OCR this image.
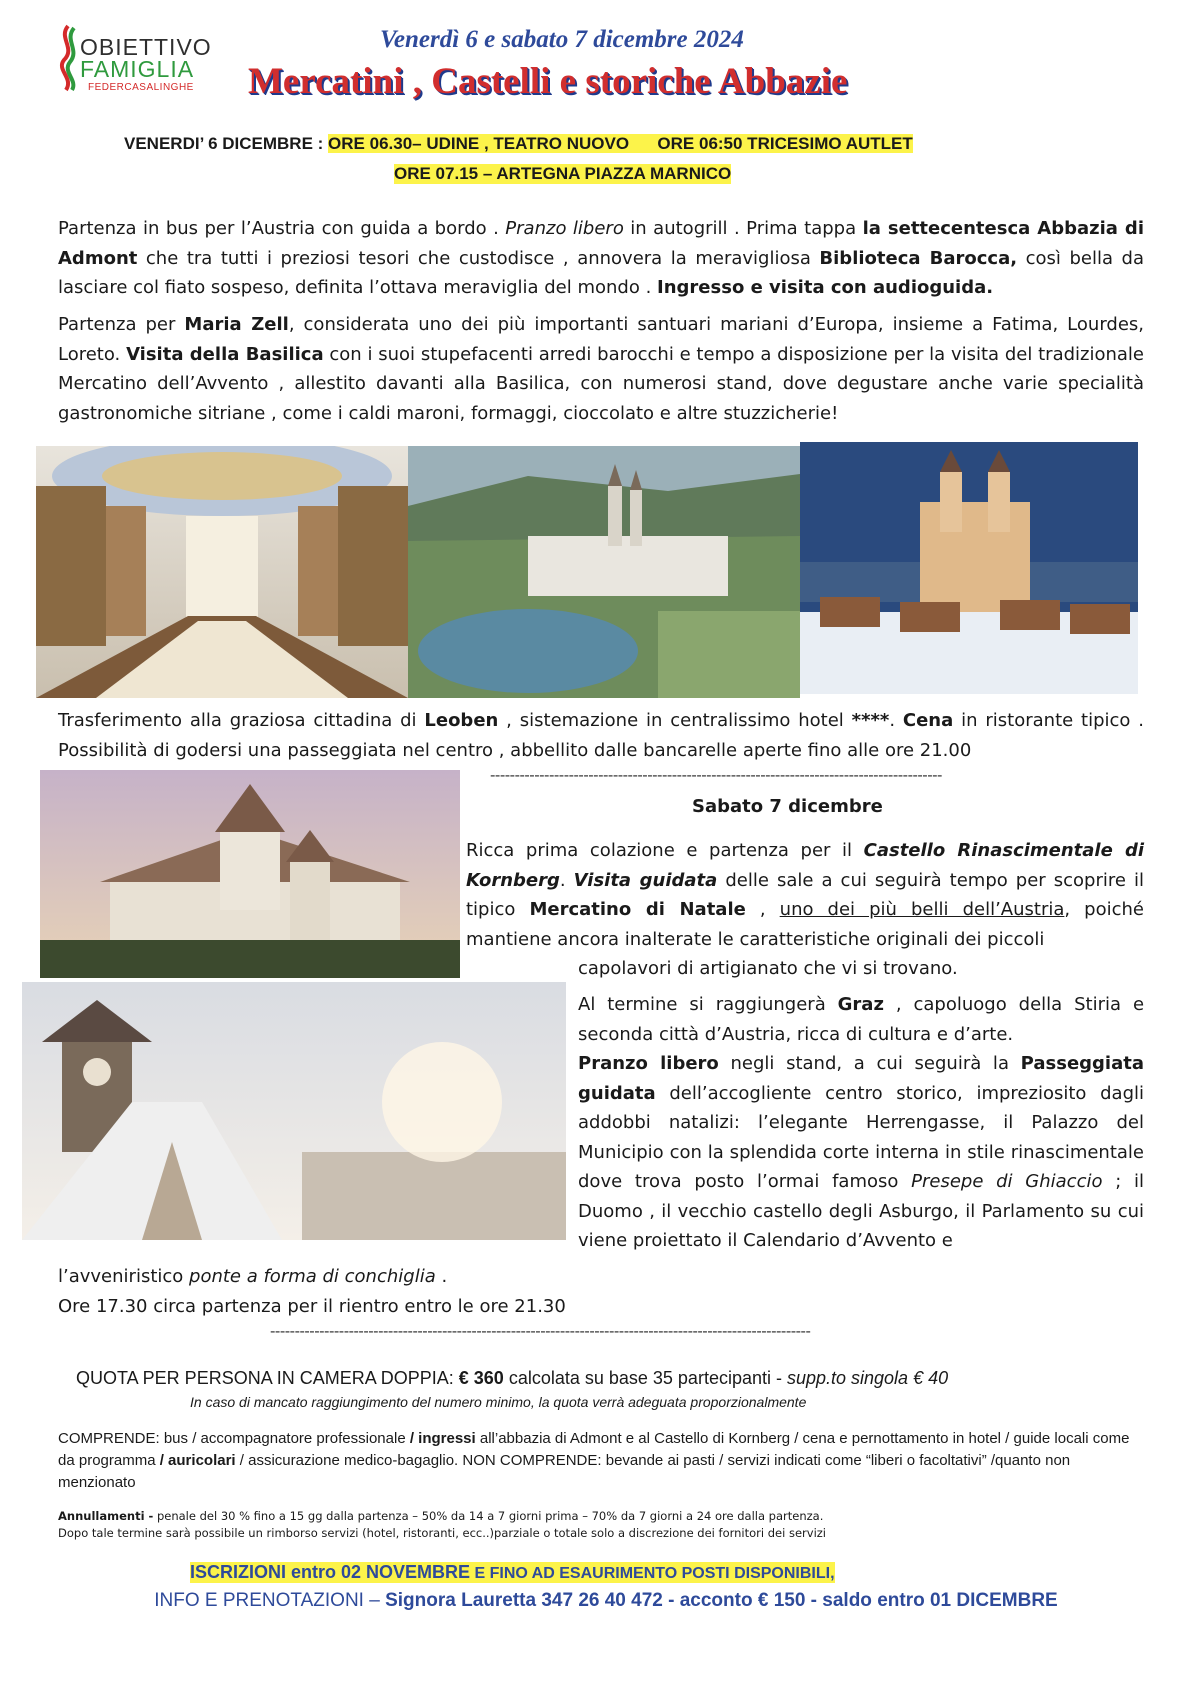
OBIETTIVO
FAMIGLIA
FEDERCASALINGHE
Venerdì 6 e sabato 7 dicembre 2024
Mercatini , Castelli e storiche Abbazie
VENERDI’ 6 DICEMBRE : ORE 06.30– UDINE , TEATRO NUOVO ORE 06:50 TRICESIMO AUTLET
ORE 07.15 – ARTEGNA PIAZZA MARNICO
Partenza in bus per l’Austria con guida a bordo . Pranzo libero in autogrill . Prima tappa la settecentesca Abbazia di Admont che tra tutti i preziosi tesori che custodisce , annovera la meravigliosa Biblioteca Barocca, così bella da lasciare col fiato sospeso, definita l’ottava meraviglia del mondo . Ingresso e visita con audioguida.
Partenza per Maria Zell, considerata uno dei più importanti santuari mariani d’Europa, insieme a Fatima, Lourdes, Loreto. Visita della Basilica con i suoi stupefacenti arredi barocchi e tempo a disposizione per la visita del tradizionale Mercatino dell’Avvento , allestito davanti alla Basilica, con numerosi stand, dove degustare anche varie specialità gastronomiche sitriane , come i caldi maroni, formaggi, cioccolato e altre stuzzicherie!
Trasferimento alla graziosa cittadina di Leoben , sistemazione in centralissimo hotel ****. Cena in ristorante tipico . Possibilità di godersi una passeggiata nel centro , abbellito dalle bancarelle aperte fino alle ore 21.00
--------------------------------------------------------------------------------------------
Sabato 7 dicembre
Ricca prima colazione e partenza per il Castello Rinascimentale di Kornberg. Visita guidata delle sale a cui seguirà tempo per scoprire il tipico Mercatino di Natale , uno dei più belli dell’Austria, poiché mantiene ancora inalterate le caratteristiche originali dei piccoli
capolavori di artigianato che vi si trovano.
Al termine si raggiungerà Graz , capoluogo della Stiria e seconda città d’Austria, ricca di cultura e d’arte.
Pranzo libero negli stand, a cui seguirà la Passeggiata guidata dell’accogliente centro storico, impreziosito dagli addobbi natalizi: l’elegante Herrengasse, il Palazzo del Municipio con la splendida corte interna in stile rinascimentale dove trova posto l’ormai famoso Presepe di Ghiaccio ; il Duomo , il vecchio castello degli Asburgo, il Parlamento su cui viene proiettato il Calendario d’Avvento e
l’avveniristico ponte a forma di conchiglia .
Ore 17.30 circa partenza per il rientro entro le ore 21.30
--------------------------------------------------------------------------------------------------------------
QUOTA PER PERSONA IN CAMERA DOPPIA: € 360 calcolata su base 35 partecipanti - supp.to singola € 40
In caso di mancato raggiungimento del numero minimo, la quota verrà adeguata proporzionalmente
COMPRENDE: bus / accompagnatore professionale / ingressi all’abbazia di Admont e al Castello di Kornberg / cena e pernottamento in hotel / guide locali come da programma / auricolari / assicurazione medico-bagaglio. NON COMPRENDE: bevande ai pasti / servizi indicati come “liberi o facoltativi” /quanto non menzionato
Annullamenti - penale del 30 % fino a 15 gg dalla partenza – 50% da 14 a 7 giorni prima – 70% da 7 giorni a 24 ore dalla partenza.
Dopo tale termine sarà possibile un rimborso servizi (hotel, ristoranti, ecc..)parziale o totale solo a discrezione dei fornitori dei servizi
ISCRIZIONI entro 02 NOVEMBRE E FINO AD ESAURIMENTO POSTI DISPONIBILI,
INFO E PRENOTAZIONI – Signora Lauretta 347 26 40 472 - acconto € 150 - saldo entro 01 DICEMBRE
